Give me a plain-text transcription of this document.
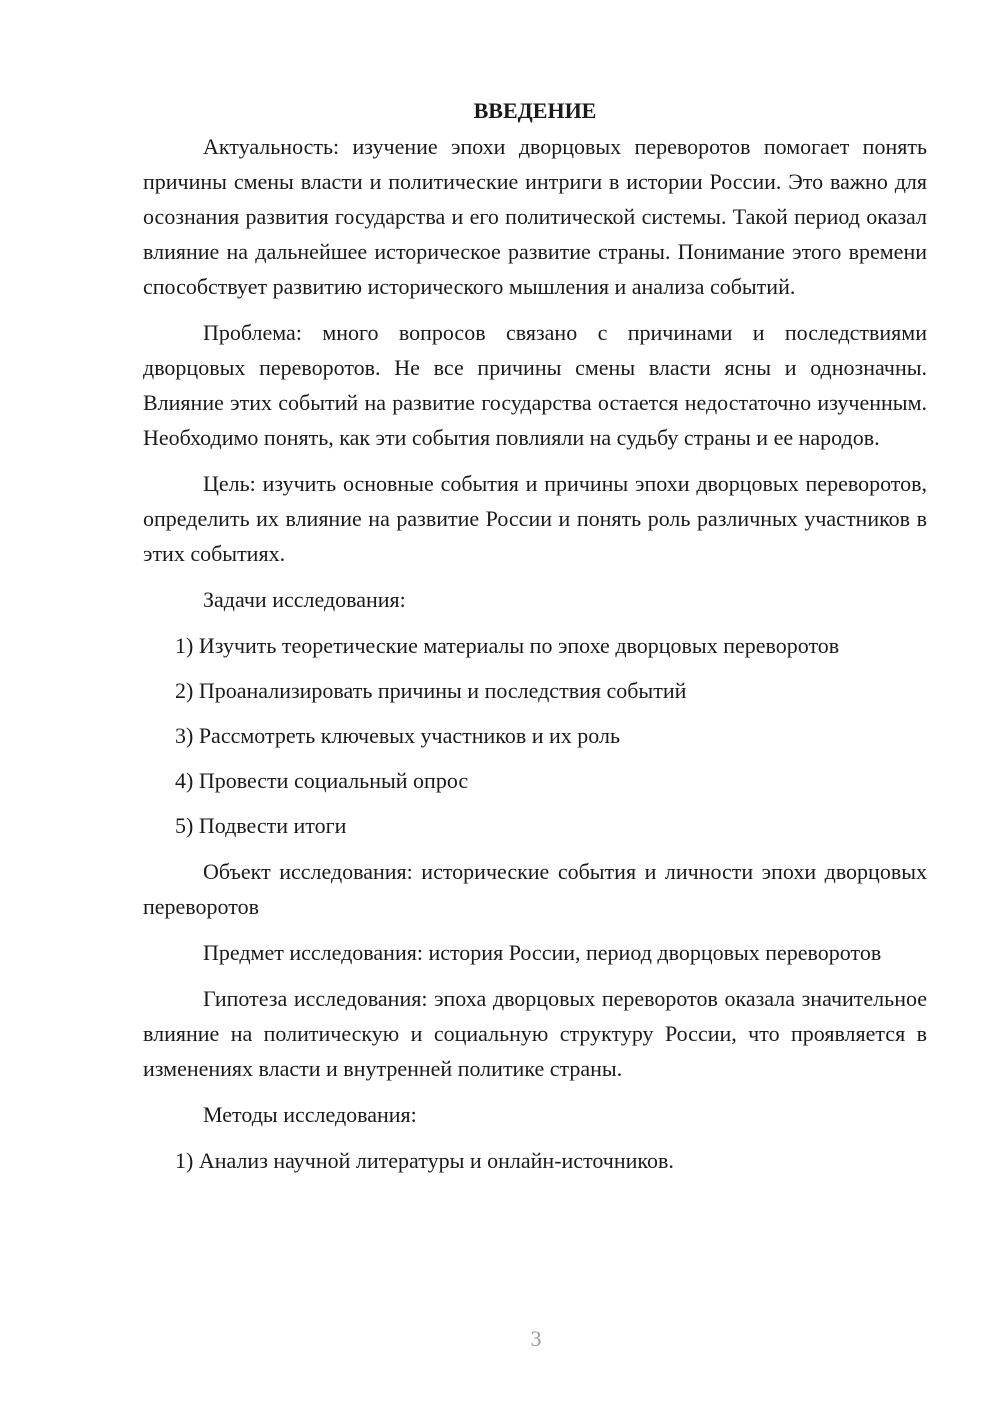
ВВЕДЕНИЕ

Актуальность: изучение эпохи дворцовых переворотов помогает понять причины смены власти и политические интриги в истории России. Это важно для осознания развития государства и его политической системы. Такой период оказал влияние на дальнейшее историческое развитие страны. Понимание этого времени способствует развитию исторического мышления и анализа событий.

Проблема: много вопросов связано с причинами и последствиями дворцовых переворотов. Не все причины смены власти ясны и однозначны. Влияние этих событий на развитие государства остается недостаточно изученным. Необходимо понять, как эти события повлияли на судьбу страны и ее народов.

Цель: изучить основные события и причины эпохи дворцовых переворотов, определить их влияние на развитие России и понять роль различных участников в этих событиях.

Задачи исследования:

1) Изучить теоретические материалы по эпохе дворцовых переворотов
2) Проанализировать причины и последствия событий
3) Рассмотреть ключевых участников и их роль
4) Провести социальный опрос
5) Подвести итоги

Объект исследования: исторические события и личности эпохи дворцовых переворотов

Предмет исследования: история России, период дворцовых переворотов

Гипотеза исследования: эпоха дворцовых переворотов оказала значительное влияние на политическую и социальную структуру России, что проявляется в изменениях власти и внутренней политике страны.

Методы исследования:

1) Анализ научной литературы и онлайн-источников.
3
